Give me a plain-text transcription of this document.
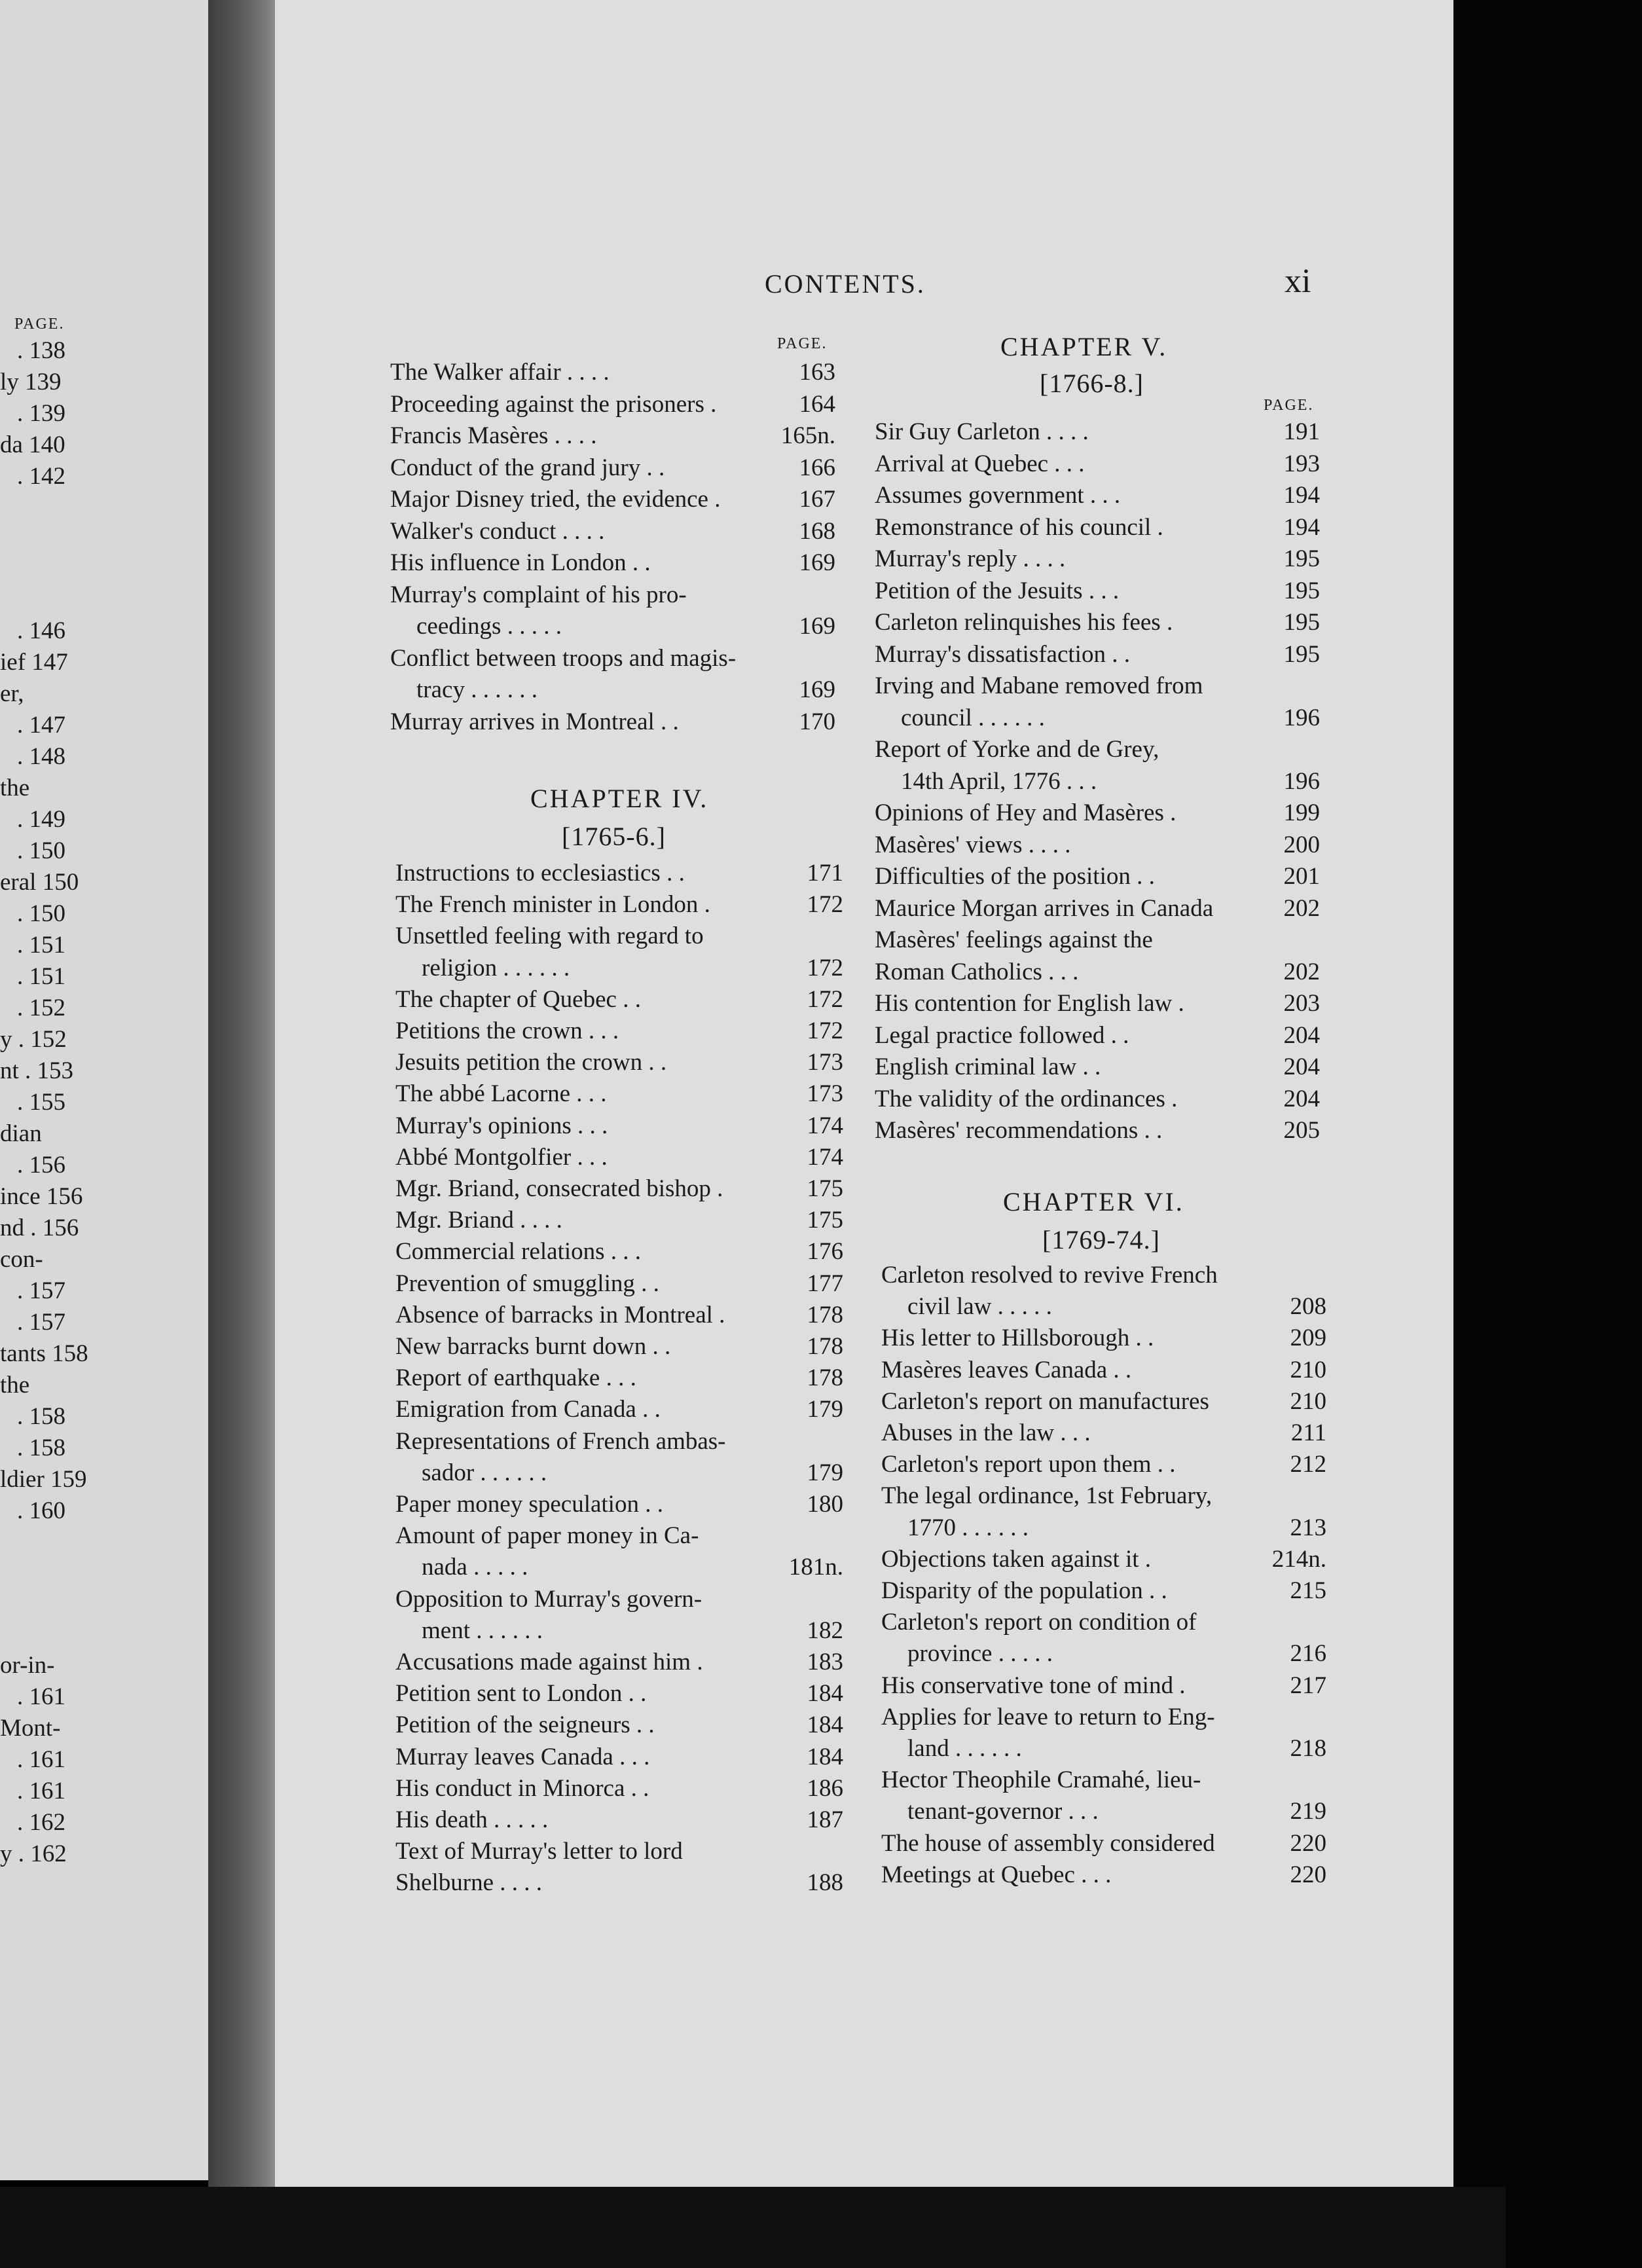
PAGE.
. 138
ly 139
. 139
da 140
. 142
. 146
ief 147
er,
. 147
. 148
the
. 149
. 150
eral 150
. 150
. 151
. 151
. 152
y . 152
nt . 153
. 155
dian
. 156
ince 156
nd . 156
con-
. 157
. 157
tants 158
the
. 158
. 158
ldier 159
. 160
or-in-
. 161
Mont-
. 161
. 161
. 162
y . 162
CONTENTS.	xi
PAGE.
The Walker affair . . . .	163
Proceeding against the prisoners .	164
Francis Masères . . . .	165n.
Conduct of the grand jury . .	166
Major Disney tried, the evidence .	167
Walker's conduct . . . .	168
His influence in London . .	169
Murray's complaint of his pro-
ceedings . . . . .	169
Conflict between troops and magis-
tracy . . . . . .	169
Murray arrives in Montreal . .	170
CHAPTER IV.
[1765-6.]
Instructions to ecclesiastics . .	171
The French minister in London .	172
Unsettled feeling with regard to
religion . . . . . .	172
The chapter of Quebec . .	172
Petitions the crown . . .	172
Jesuits petition the crown . .	173
The abbé Lacorne . . .	173
Murray's opinions . . .	174
Abbé Montgolfier . . .	174
Mgr. Briand, consecrated bishop .	175
Mgr. Briand . . . .	175
Commercial relations . . .	176
Prevention of smuggling . .	177
Absence of barracks in Montreal .	178
New barracks burnt down . .	178
Report of earthquake . . .	178
Emigration from Canada . .	179
Representations of French ambas-
sador . . . . . .	179
Paper money speculation . .	180
Amount of paper money in Ca-
nada . . . . .	181n.
Opposition to Murray's govern-
ment . . . . . .	182
Accusations made against him .	183
Petition sent to London . .	184
Petition of the seigneurs . .	184
Murray leaves Canada . . .	184
His conduct in Minorca . .	186
His death . . . . .	187
Text of Murray's letter to lord
Shelburne . . . .	188
CHAPTER V.
[1766-8.]
PAGE.
Sir Guy Carleton . . . .	191
Arrival at Quebec . . .	193
Assumes government . . .	194
Remonstrance of his council .	194
Murray's reply . . . .	195
Petition of the Jesuits . . .	195
Carleton relinquishes his fees .	195
Murray's dissatisfaction . .	195
Irving and Mabane removed from
council . . . . . .	196
Report of Yorke and de Grey,
14th April, 1776 . . .	196
Opinions of Hey and Masères .	199
Masères' views . . . .	200
Difficulties of the position . .	201
Maurice Morgan arrives in Canada	202
Masères' feelings against the
Roman Catholics . . .	202
His contention for English law .	203
Legal practice followed . .	204
English criminal law . .	204
The validity of the ordinances .	204
Masères' recommendations . .	205
CHAPTER VI.
[1769-74.]
Carleton resolved to revive French
civil law . . . . .	208
His letter to Hillsborough . .	209
Masères leaves Canada . .	210
Carleton's report on manufactures	210
Abuses in the law . . .	211
Carleton's report upon them . .	212
The legal ordinance, 1st February,
1770 . . . . . .	213
Objections taken against it .	214n.
Disparity of the population . .	215
Carleton's report on condition of
province . . . . .	216
His conservative tone of mind .	217
Applies for leave to return to Eng-
land . . . . . .	218
Hector Theophile Cramahé, lieu-
tenant-governor . . .	219
The house of assembly considered	220
Meetings at Quebec . . .	220
